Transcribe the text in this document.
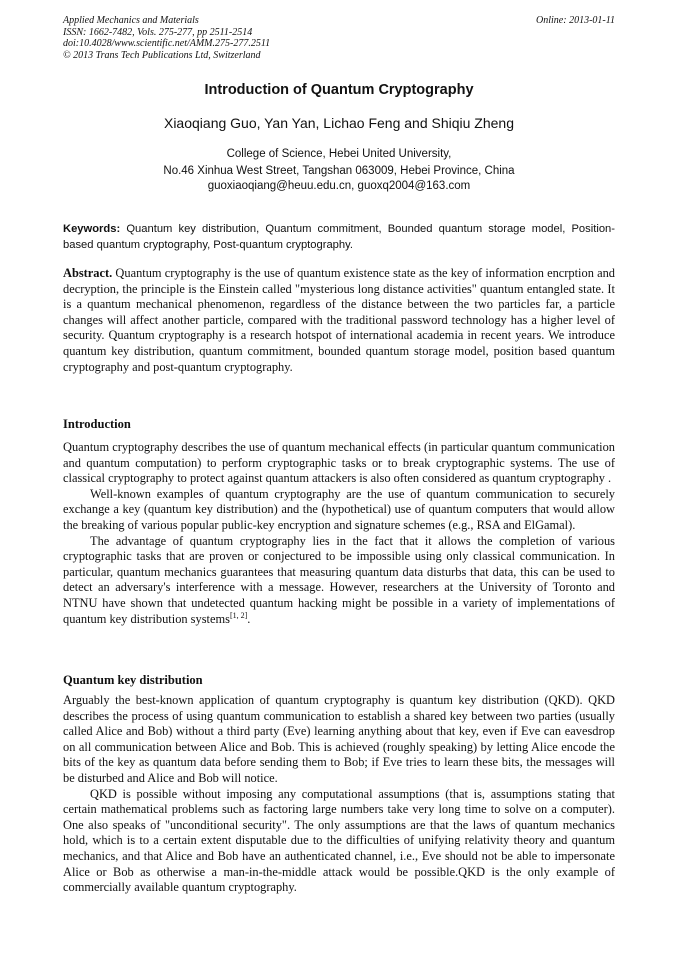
Applied Mechanics and Materials
ISSN: 1662-7482, Vols. 275-277, pp 2511-2514
doi:10.4028/www.scientific.net/AMM.275-277.2511
© 2013 Trans Tech Publications Ltd, Switzerland
Online: 2013-01-11
Introduction of Quantum Cryptography
Xiaoqiang Guo, Yan Yan, Lichao Feng and Shiqiu Zheng
College of Science, Hebei United University,
No.46 Xinhua West Street, Tangshan 063009, Hebei Province, China
guoxiaoqiang@heuu.edu.cn, guoxq2004@163.com
Keywords: Quantum key distribution, Quantum commitment, Bounded quantum storage model, Position-based quantum cryptography, Post-quantum cryptography.
Abstract. Quantum cryptography is the use of quantum existence state as the key of information encrption and decryption, the principle is the Einstein called "mysterious long distance activities" quantum entangled state. It is a quantum mechanical phenomenon, regardless of the distance between the two particles far, a particle changes will affect another particle, compared with the traditional password technology has a higher level of security. Quantum cryptography is a research hotspot of international academia in recent years. We introduce quantum key distribution, quantum commitment, bounded quantum storage model, position based quantum cryptography and post-quantum cryptography.
Introduction

Quantum cryptography describes the use of quantum mechanical effects (in particular quantum communication and quantum computation) to perform cryptographic tasks or to break cryptographic systems. The use of classical cryptography to protect against quantum attackers is also often considered as quantum cryptography .

Well-known examples of quantum cryptography are the use of quantum communication to securely exchange a key (quantum key distribution) and the (hypothetical) use of quantum computers that would allow the breaking of various popular public-key encryption and signature schemes (e.g., RSA and ElGamal).

The advantage of quantum cryptography lies in the fact that it allows the completion of various cryptographic tasks that are proven or conjectured to be impossible using only classical communication. In particular, quantum mechanics guarantees that measuring quantum data disturbs that data, this can be used to detect an adversary's interference with a message. However, researchers at the University of Toronto and NTNU have shown that undetected quantum hacking might be possible in a variety of implementations of quantum key distribution systems[1, 2].

Quantum key distribution

Arguably the best-known application of quantum cryptography is quantum key distribution (QKD). QKD describes the process of using quantum communication to establish a shared key between two parties (usually called Alice and Bob) without a third party (Eve) learning anything about that key, even if Eve can eavesdrop on all communication between Alice and Bob. This is achieved (roughly speaking) by letting Alice encode the bits of the key as quantum data before sending them to Bob; if Eve tries to learn these bits, the messages will be disturbed and Alice and Bob will notice.

QKD is possible without imposing any computational assumptions (that is, assumptions stating that certain mathematical problems such as factoring large numbers take very long time to solve on a computer). One also speaks of "unconditional security". The only assumptions are that the laws of quantum mechanics hold, which is to a certain extent disputable due to the difficulties of unifying relativity theory and quantum mechanics, and that Alice and Bob have an authenticated channel, i.e., Eve should not be able to impersonate Alice or Bob as otherwise a man-in-the-middle attack would be possible.QKD is the only example of commercially available quantum cryptography.
